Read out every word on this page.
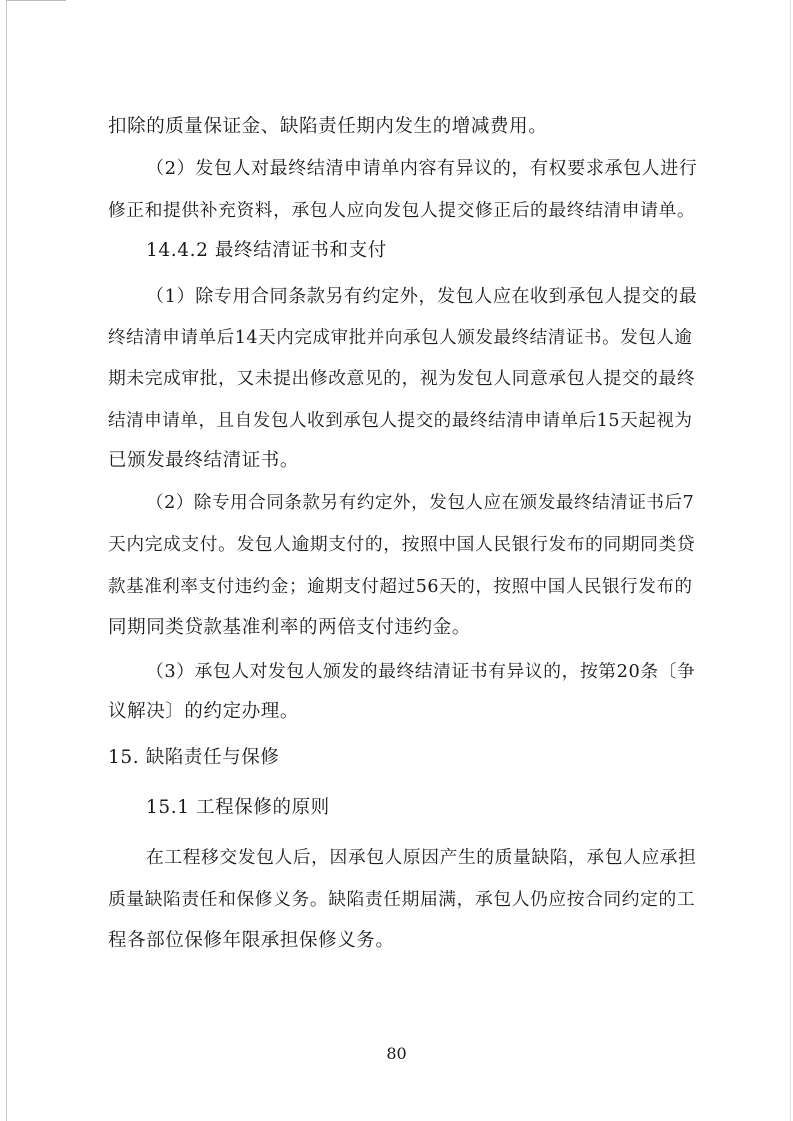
扣除的质量保证金、缺陷责任期内发生的增减费用。
（2）发包人对最终结清申请单内容有异议的，有权要求承包人进行
修正和提供补充资料，承包人应向发包人提交修正后的最终结清申请单。
14.4.2 最终结清证书和支付
（1）除专用合同条款另有约定外，发包人应在收到承包人提交的最
终结清申请单后14天内完成审批并向承包人颁发最终结清证书。发包人逾
期未完成审批，又未提出修改意见的，视为发包人同意承包人提交的最终
结清申请单，且自发包人收到承包人提交的最终结清申请单后15天起视为
已颁发最终结清证书。
（2）除专用合同条款另有约定外，发包人应在颁发最终结清证书后7
天内完成支付。发包人逾期支付的，按照中国人民银行发布的同期同类贷
款基准利率支付违约金；逾期支付超过56天的，按照中国人民银行发布的
同期同类贷款基准利率的两倍支付违约金。
（3）承包人对发包人颁发的最终结清证书有异议的，按第20条〔争
议解决〕的约定办理。
15. 缺陷责任与保修
15.1 工程保修的原则
在工程移交发包人后，因承包人原因产生的质量缺陷，承包人应承担
质量缺陷责任和保修义务。缺陷责任期届满，承包人仍应按合同约定的工
程各部位保修年限承担保修义务。
80
